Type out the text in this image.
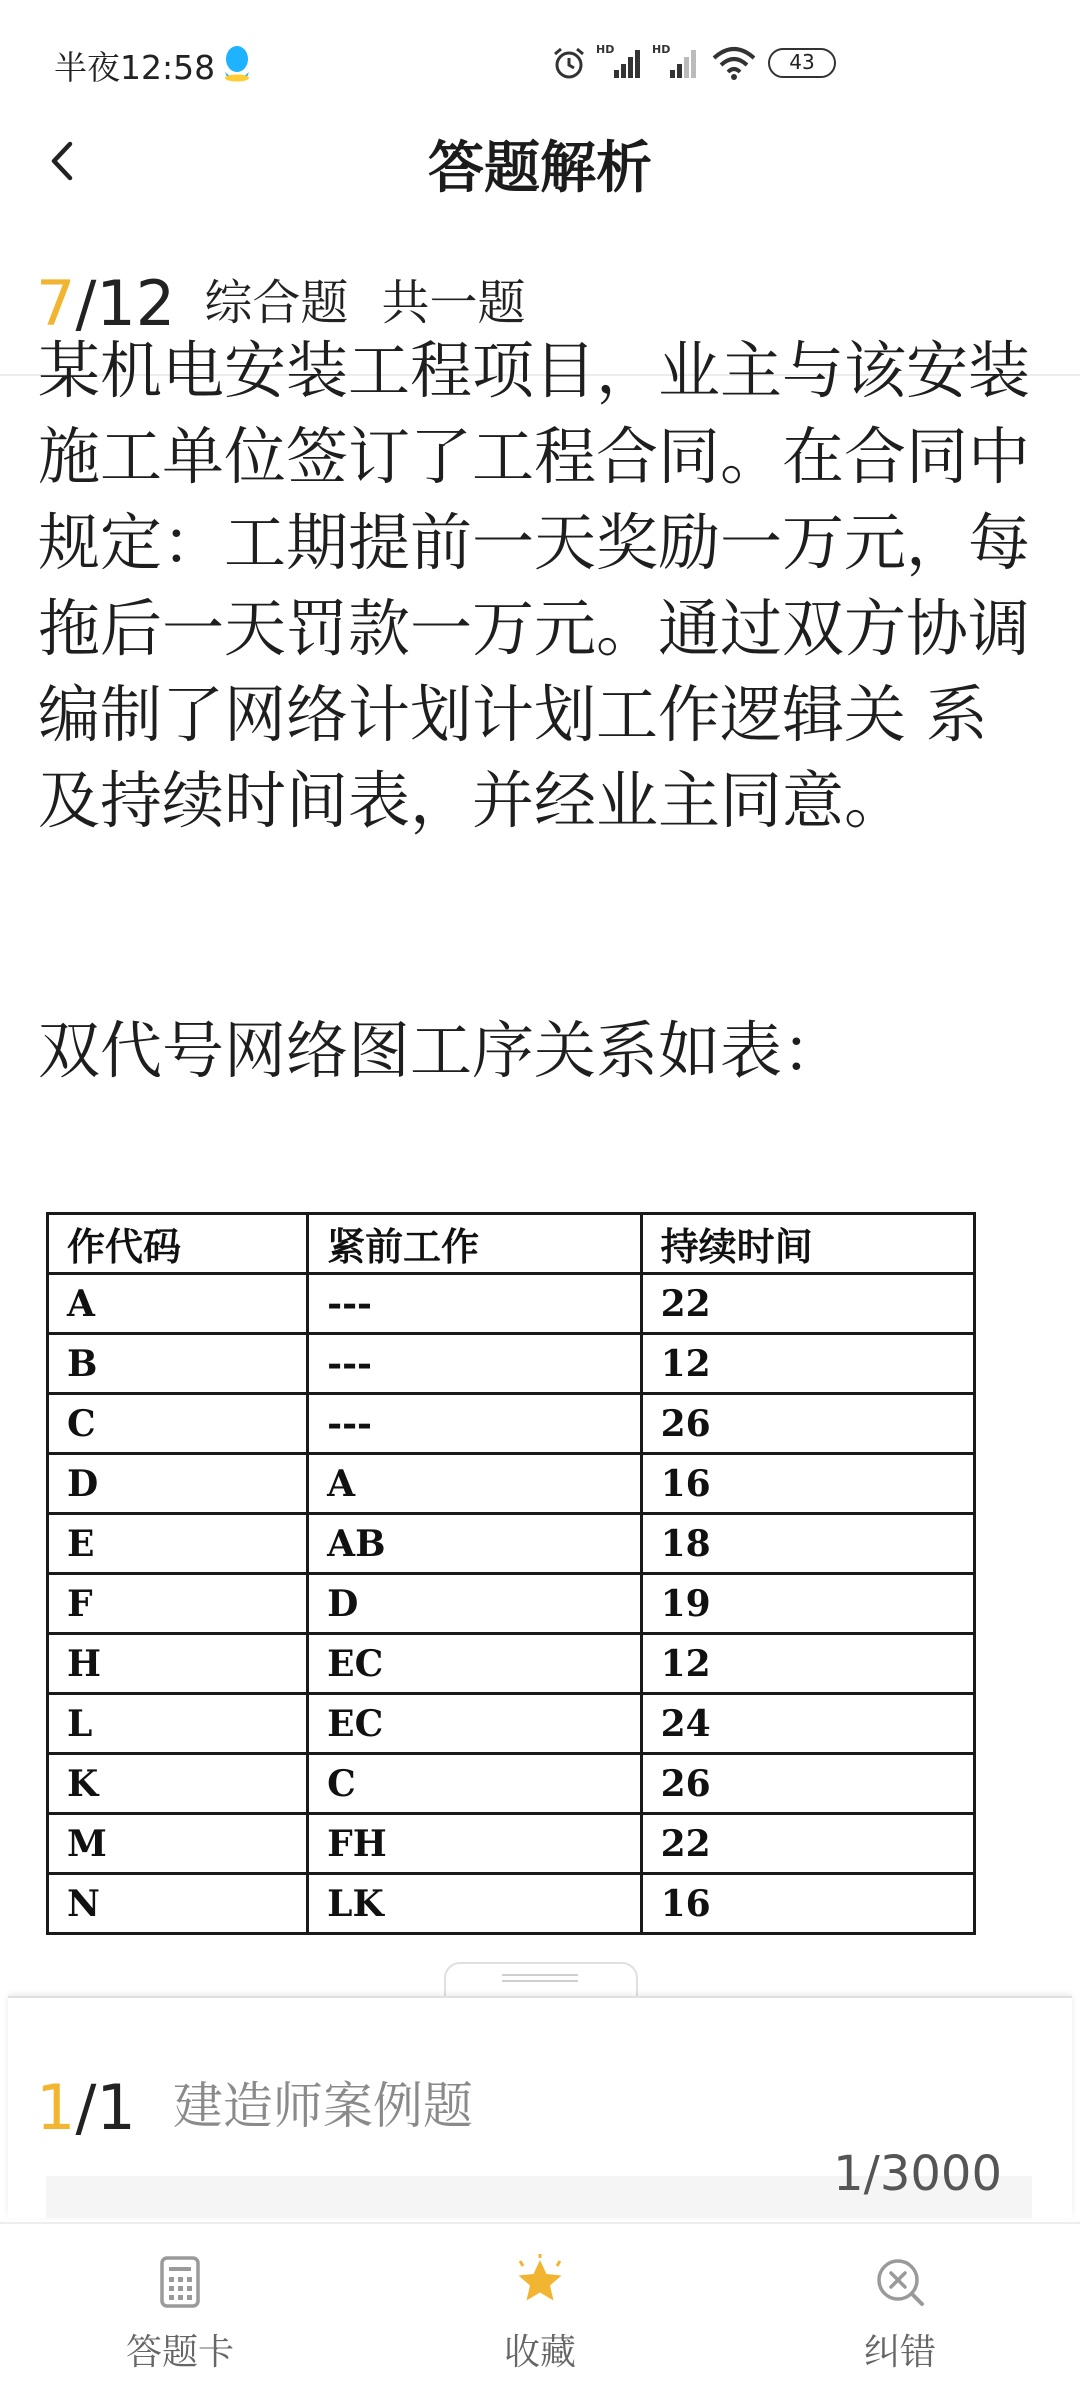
半夜12:58	HD	HD
43
答题解析
7/12 综合题 共一题

某机电安装工程项目，业主与该安装施工单位签订了工程合同。在合同中规定：工期提前一天奖励一万元，每拖后一天罚款一万元。通过双方协调编制了网络计划计划工作逻辑关 系及持续时间表，并经业主同意。

双代号网络图工序关系如表：
作代码	紧前工作	持续时间
A	---	22
B	---	12
C	---	26
D	A	16
E	AB	18
F	D	19
H	EC	12
L	EC	24
K	C	26
M	FH	22
N	LK	16
1/1 建造师案例题
1/3000
答题卡	收藏	纠错
